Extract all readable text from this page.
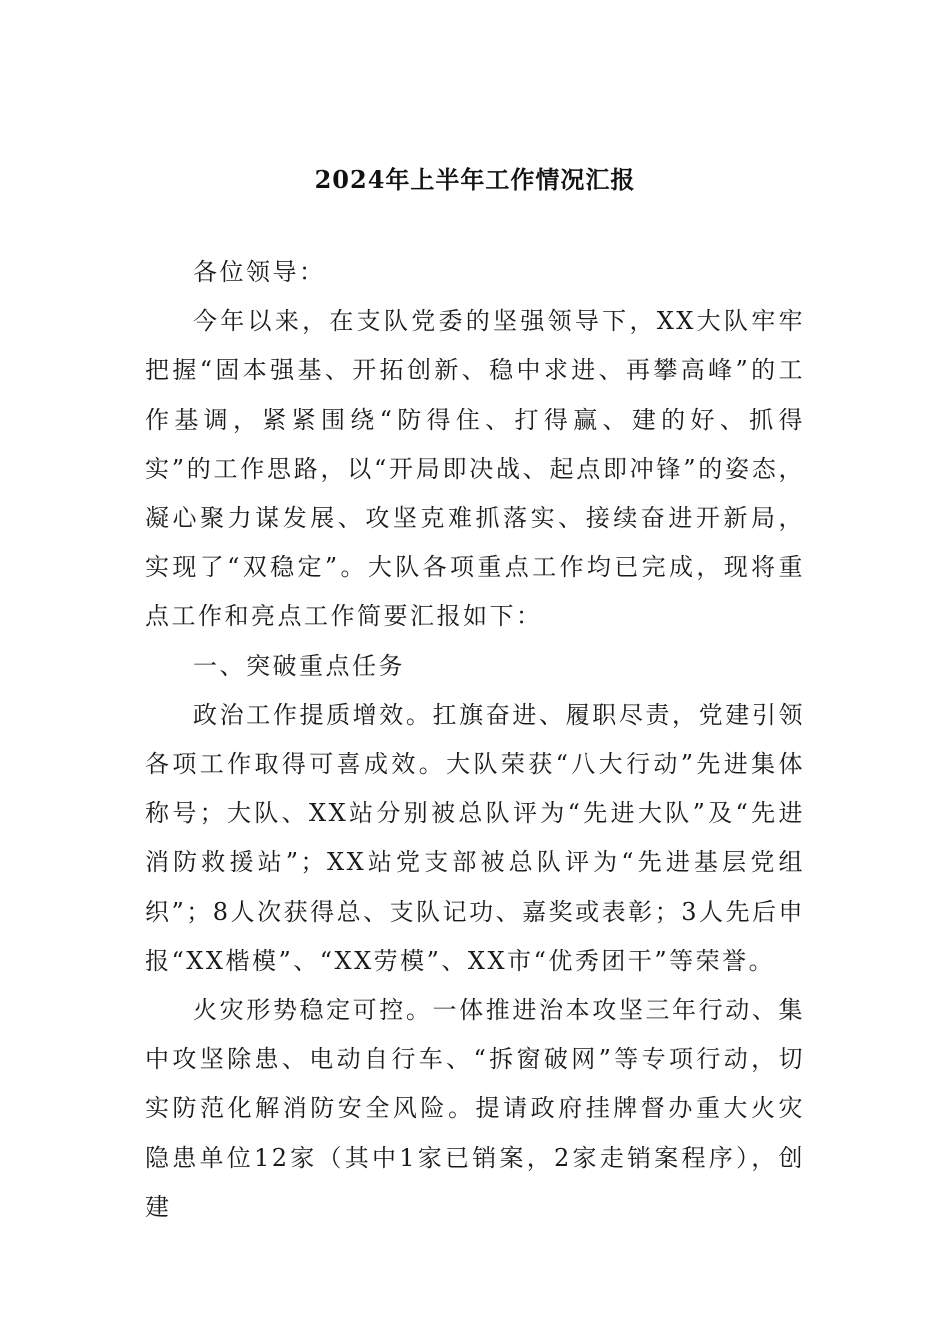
2024年上半年工作情况汇报

各位领导：

今年以来，在支队党委的坚强领导下，XX大队牢牢把握“固本强基、开拓创新、稳中求进、再攀高峰”的工作基调，紧紧围绕“防得住、打得赢、建的好、抓得实”的工作思路，以“开局即决战、起点即冲锋”的姿态，凝心聚力谋发展、攻坚克难抓落实、接续奋进开新局，实现了“双稳定”。大队各项重点工作均已完成，现将重点工作和亮点工作简要汇报如下：

一、突破重点任务

政治工作提质增效。扛旗奋进、履职尽责，党建引领各项工作取得可喜成效。大队荣获“八大行动”先进集体称号；大队、XX站分别被总队评为“先进大队”及“先进消防救援站”；XX站党支部被总队评为“先进基层党组织”；8人次获得总、支队记功、嘉奖或表彰；3人先后申报“XX楷模”、“XX劳模”、XX市“优秀团干”等荣誉。

火灾形势稳定可控。一体推进治本攻坚三年行动、集中攻坚除患、电动自行车、“拆窗破网”等专项行动，切实防范化解消防安全风险。提请政府挂牌督办重大火灾隐患单位12家（其中1家已销案，2家走销案程序），创建
